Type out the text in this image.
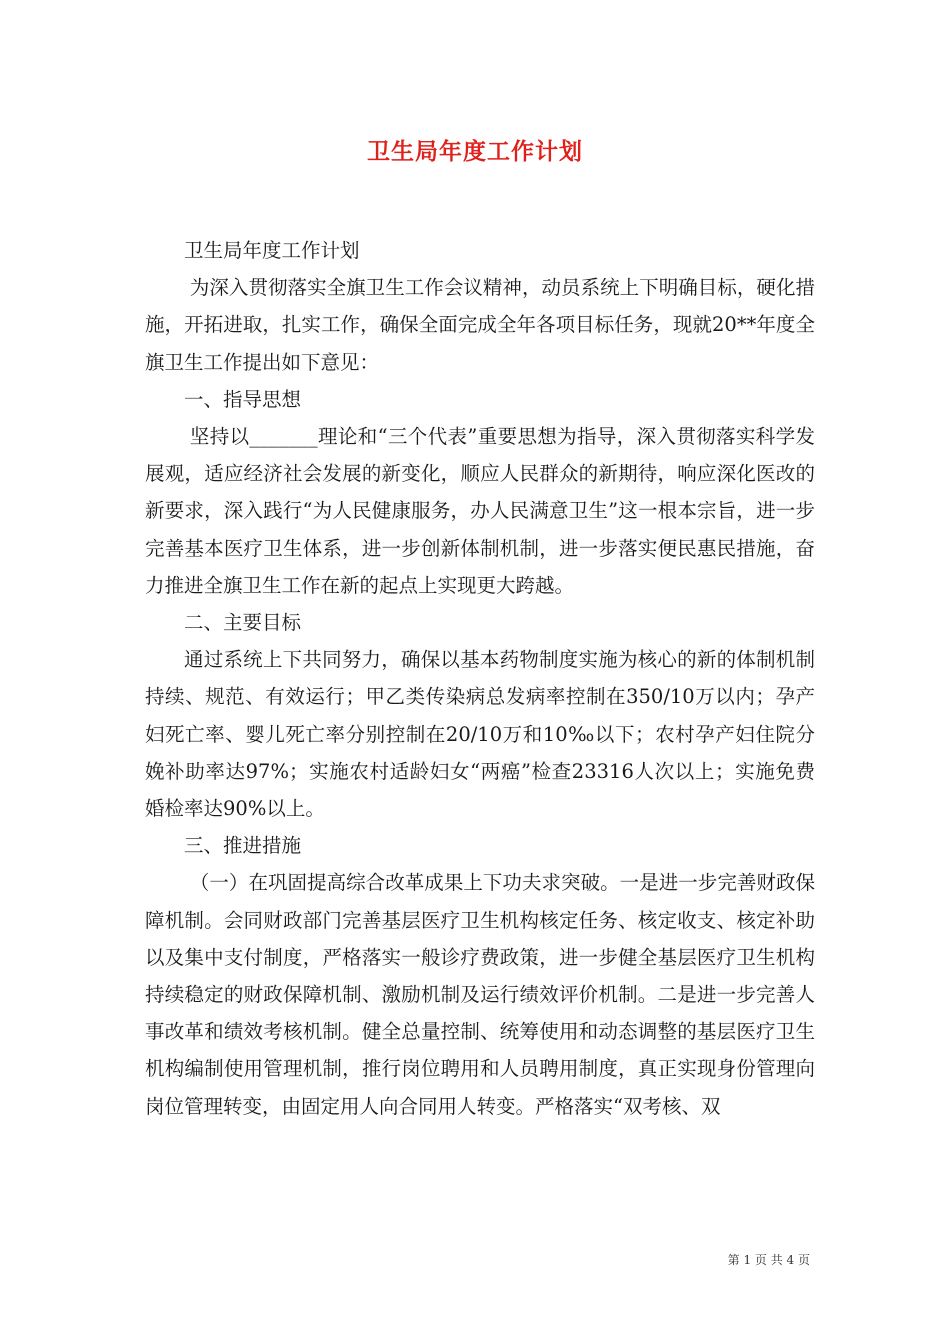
卫生局年度工作计划

卫生局年度工作计划

为深入贯彻落实全旗卫生工作会议精神，动员系统上下明确目标，硬化措施，开拓进取，扎实工作，确保全面完成全年各项目标任务，现就20**年度全旗卫生工作提出如下意见：

一、指导思想

坚持以_______理论和“三个代表”重要思想为指导，深入贯彻落实科学发展观，适应经济社会发展的新变化，顺应人民群众的新期待，响应深化医改的新要求，深入践行“为人民健康服务，办人民满意卫生”这一根本宗旨，进一步完善基本医疗卫生体系，进一步创新体制机制，进一步落实便民惠民措施，奋力推进全旗卫生工作在新的起点上实现更大跨越。

二、主要目标

通过系统上下共同努力，确保以基本药物制度实施为核心的新的体制机制持续、规范、有效运行；甲乙类传染病总发病率控制在350/10万以内；孕产妇死亡率、婴儿死亡率分别控制在20/10万和10‰以下；农村孕产妇住院分娩补助率达97%；实施农村适龄妇女“两癌”检查23316人次以上；实施免费婚检率达90%以上。

三、推进措施

（一）在巩固提高综合改革成果上下功夫求突破。一是进一步完善财政保障机制。会同财政部门完善基层医疗卫生机构核定任务、核定收支、核定补助以及集中支付制度，严格落实一般诊疗费政策，进一步健全基层医疗卫生机构持续稳定的财政保障机制、激励机制及运行绩效评价机制。二是进一步完善人事改革和绩效考核机制。健全总量控制、统筹使用和动态调整的基层医疗卫生机构编制使用管理机制，推行岗位聘用和人员聘用制度，真正实现身份管理向岗位管理转变，由固定用人向合同用人转变。严格落实“双考核、双

第 1 页 共 4 页
